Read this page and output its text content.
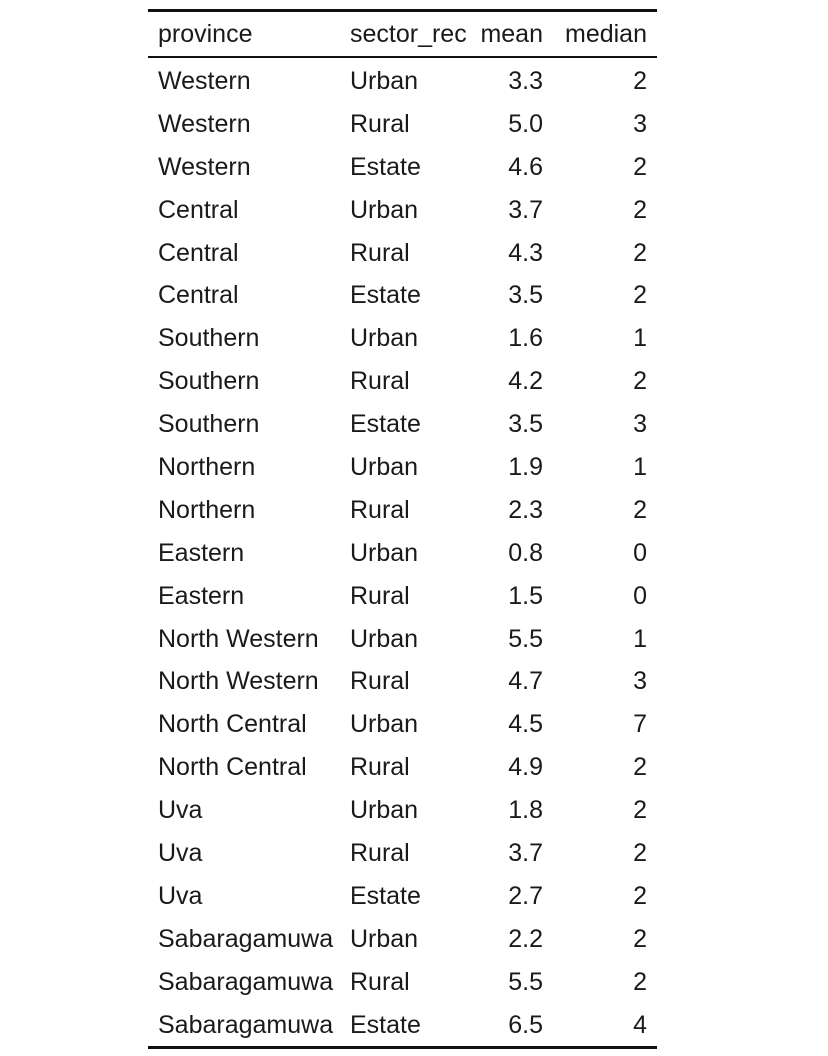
province	sector_rec	mean	median
Western	Urban	3.3	2
Western	Rural	5.0	3
Western	Estate	4.6	2
Central	Urban	3.7	2
Central	Rural	4.3	2
Central	Estate	3.5	2
Southern	Urban	1.6	1
Southern	Rural	4.2	2
Southern	Estate	3.5	3
Northern	Urban	1.9	1
Northern	Rural	2.3	2
Eastern	Urban	0.8	0
Eastern	Rural	1.5	0
North Western	Urban	5.5	1
North Western	Rural	4.7	3
North Central	Urban	4.5	7
North Central	Rural	4.9	2
Uva	Urban	1.8	2
Uva	Rural	3.7	2
Uva	Estate	2.7	2
Sabaragamuwa	Urban	2.2	2
Sabaragamuwa	Rural	5.5	2
Sabaragamuwa	Estate	6.5	4
